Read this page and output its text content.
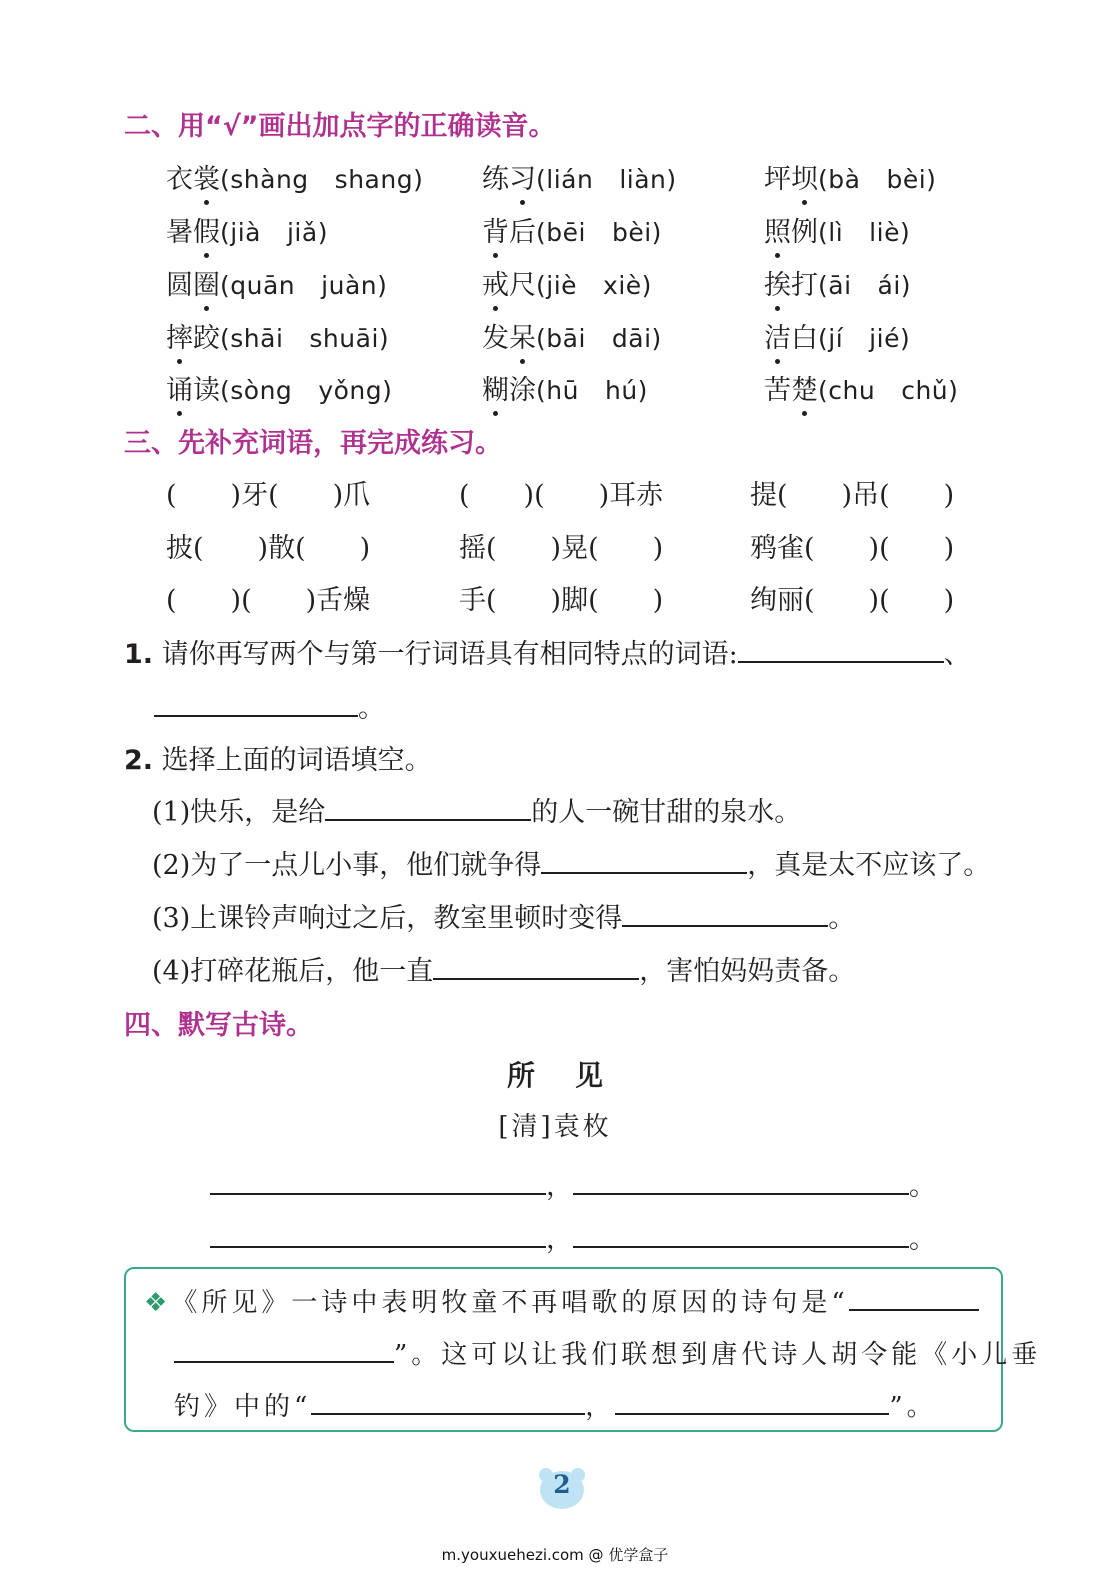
二、用“√”画出加点字的正确读音。
衣裳(shàng shang) 练习(lián liàn)	坪坝(bà bèi)
暑假(jià jiǎ)	背后(bēi bèi)	照例(lì liè)
圆圈(quān juàn)	戒尺(jiè xiè)	挨打(āi ái)
摔跤(shāi shuāi)	发呆(bāi dāi)	洁白(jí jié)
诵读(sòng yǒng)	糊涂(hū hú)	苦楚(chu chǔ)
三、先补充词语，再完成练习。
(　　)牙(　　)爪	(　　)(　　)耳赤	提(　　)吊(　　)
披(　　)散(　　)	摇(　　)晃(　　)	鸦雀(　　)(　　)
(　　)(　　)舌燥	手(　　)脚(　　)	绚丽(　　)(　　)
1. 请你再写两个与第一行词语具有相同特点的词语:	、
。
2. 选择上面的词语填空。
(1)快乐，是给	的人一碗甘甜的泉水。
(2)为了一点儿小事，他们就争得	，真是太不应该了。
(3)上课铃声响过之后，教室里顿时变得	。
(4)打碎花瓶后，他一直	，害怕妈妈责备。
四、默写古诗。
所见
[清]袁枚
，	。
，	。
❖《所见》一诗中表明牧童不再唱歌的原因的诗句是“
”。这可以让我们联想到唐代诗人胡令能《小儿垂
钓》中的“	，	”。
2
m.youxuehezi.com @ 优学盒子
